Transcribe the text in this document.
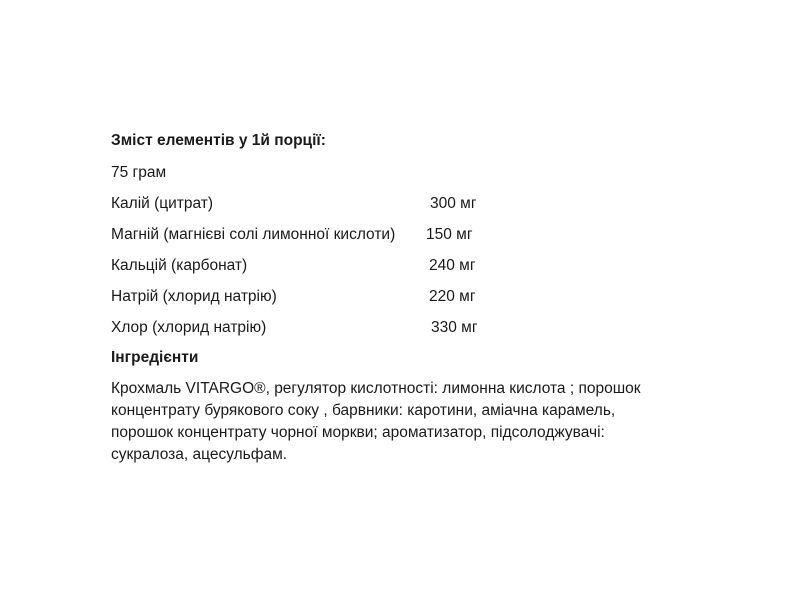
Зміст елементів у 1й порції:
75 грам
Калій (цитрат)	300 мг
Магній (магнієві солі лимонної кислоти) 150 мг
Кальцій (карбонат)	240 мг
Натрій (хлорид натрію)	220 мг
Хлор (хлорид натрію)	330 мг
Інгредієнти
Крохмаль VITARGO®, регулятор кислотності: лимонна кислота ; порошок
концентрату бурякового соку , барвники: каротини, аміачна карамель,
порошок концентрату чорної моркви; ароматизатор, підсолоджувачі:
сукралоза, ацесульфам.
